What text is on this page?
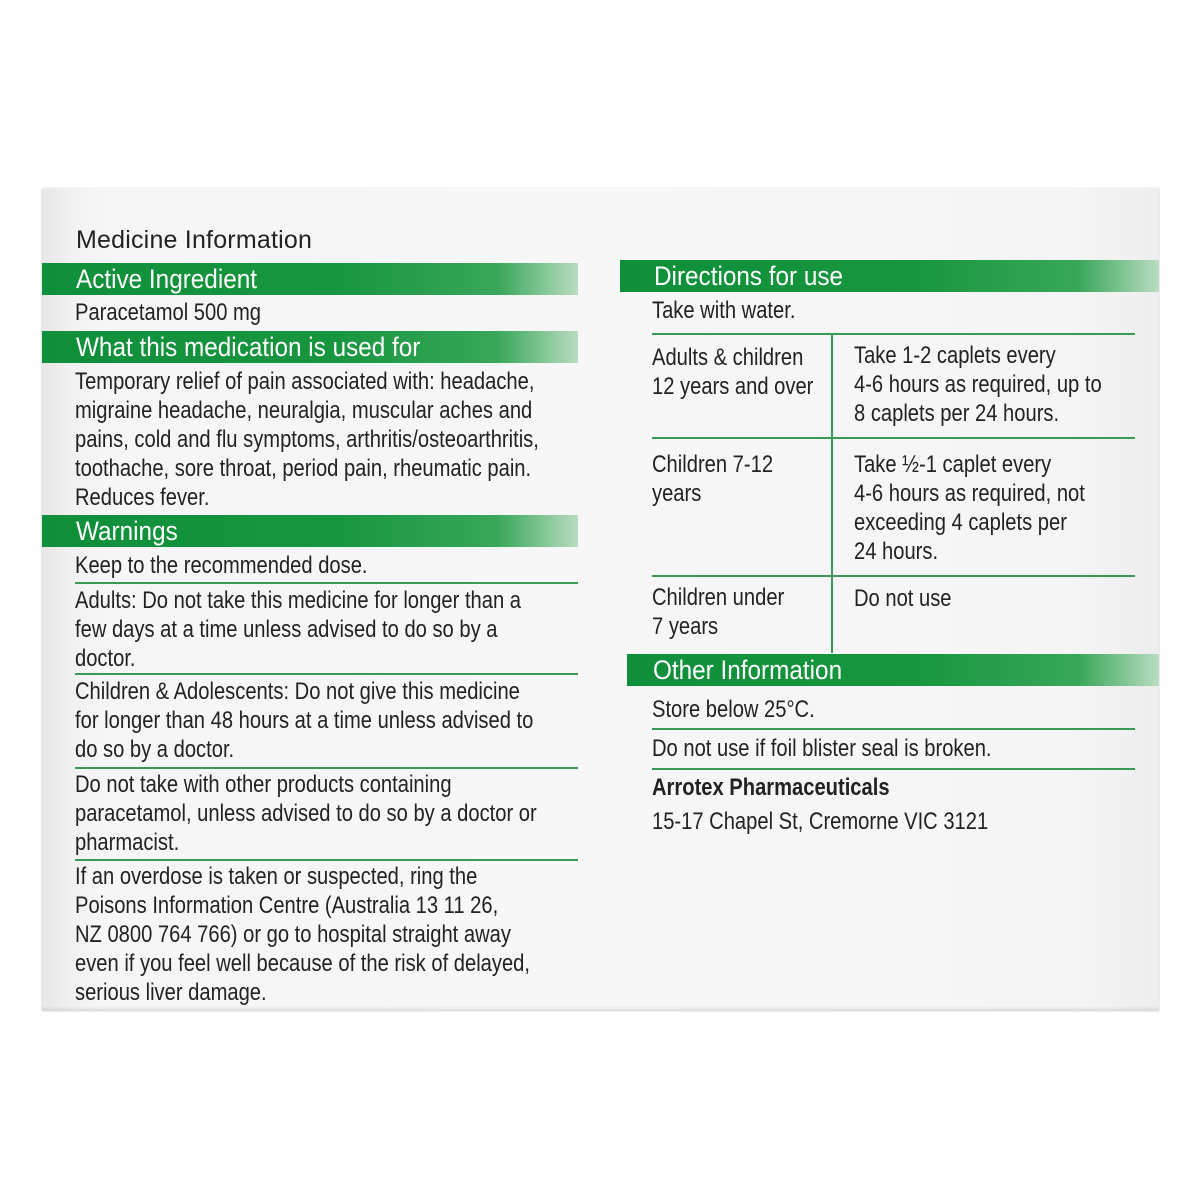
Medicine Information
Active Ingredient
Paracetamol 500 mg
What this medication is used for
Temporary relief of pain associated with: headache,
migraine headache, neuralgia, muscular aches and
pains, cold and flu symptoms, arthritis/osteoarthritis,
toothache, sore throat, period pain, rheumatic pain.
Reduces fever.
Warnings
Keep to the recommended dose.
Adults: Do not take this medicine for longer than a
few days at a time unless advised to do so by a
doctor.
Children & Adolescents: Do not give this medicine
for longer than 48 hours at a time unless advised to
do so by a doctor.
Do not take with other products containing
paracetamol, unless advised to do so by a doctor or
pharmacist.
If an overdose is taken or suspected, ring the
Poisons Information Centre (Australia 13 11 26,
NZ 0800 764 766) or go to hospital straight away
even if you feel well because of the risk of delayed,
serious liver damage.
Directions for use
Take with water.
Adults & children
12 years and over
Take 1-2 caplets every
4-6 hours as required, up to
8 caplets per 24 hours.
Children 7-12
years
Take ½-1 caplet every
4-6 hours as required, not
exceeding 4 caplets per
24 hours.
Children under
7 years
Do not use
Other Information
Store below 25°C.
Do not use if foil blister seal is broken.
Arrotex Pharmaceuticals
15-17 Chapel St, Cremorne VIC 3121
